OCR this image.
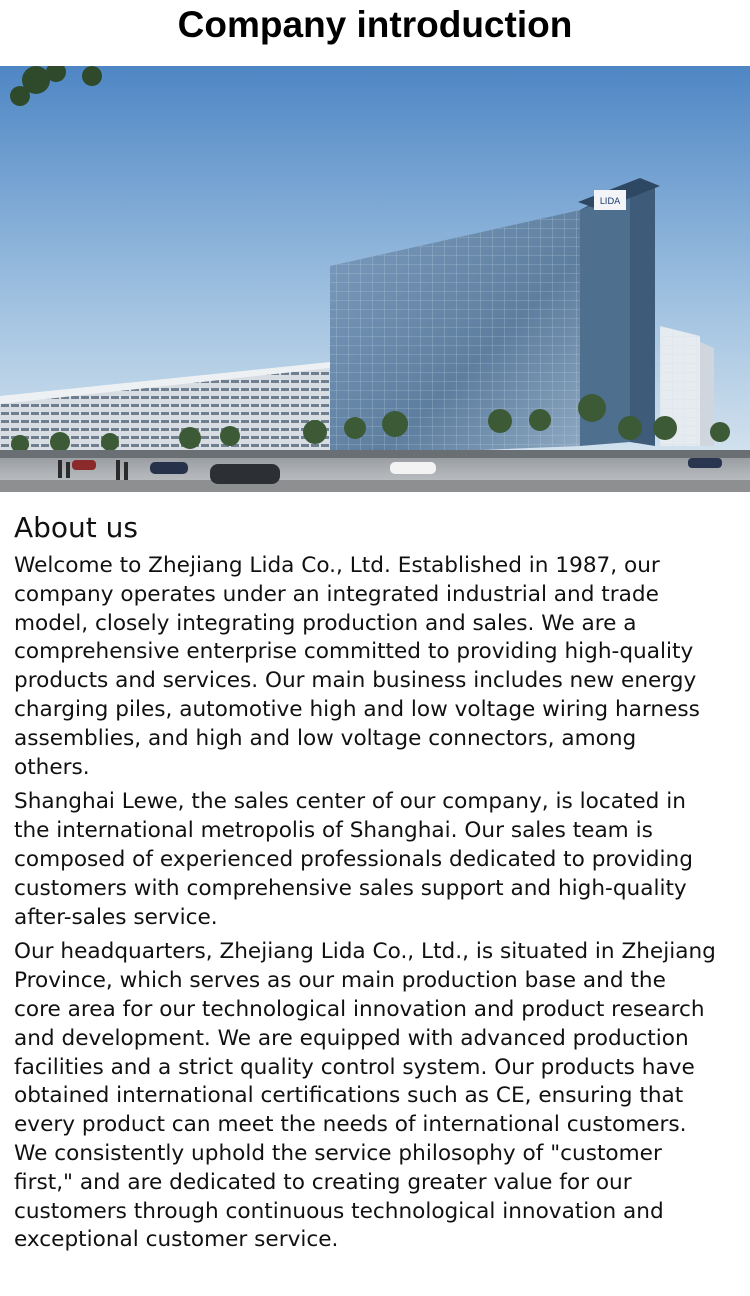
Company introduction
LIDA
About us

Welcome to Zhejiang Lida Co., Ltd. Established in 1987, our
company operates under an integrated industrial and trade
model, closely integrating production and sales. We are a
comprehensive enterprise committed to providing high-quality
products and services. Our main business includes new energy
charging piles, automotive high and low voltage wiring harness
assemblies, and high and low voltage connectors, among
others.

Shanghai Lewe, the sales center of our company, is located in
the international metropolis of Shanghai. Our sales team is
composed of experienced professionals dedicated to providing
customers with comprehensive sales support and high-quality
after-sales service.

Our headquarters, Zhejiang Lida Co., Ltd., is situated in Zhejiang
Province, which serves as our main production base and the
core area for our technological innovation and product research
and development. We are equipped with advanced production
facilities and a strict quality control system. Our products have
obtained international certifications such as CE, ensuring that
every product can meet the needs of international customers.
We consistently uphold the service philosophy of "customer
first," and are dedicated to creating greater value for our
customers through continuous technological innovation and
exceptional customer service.
